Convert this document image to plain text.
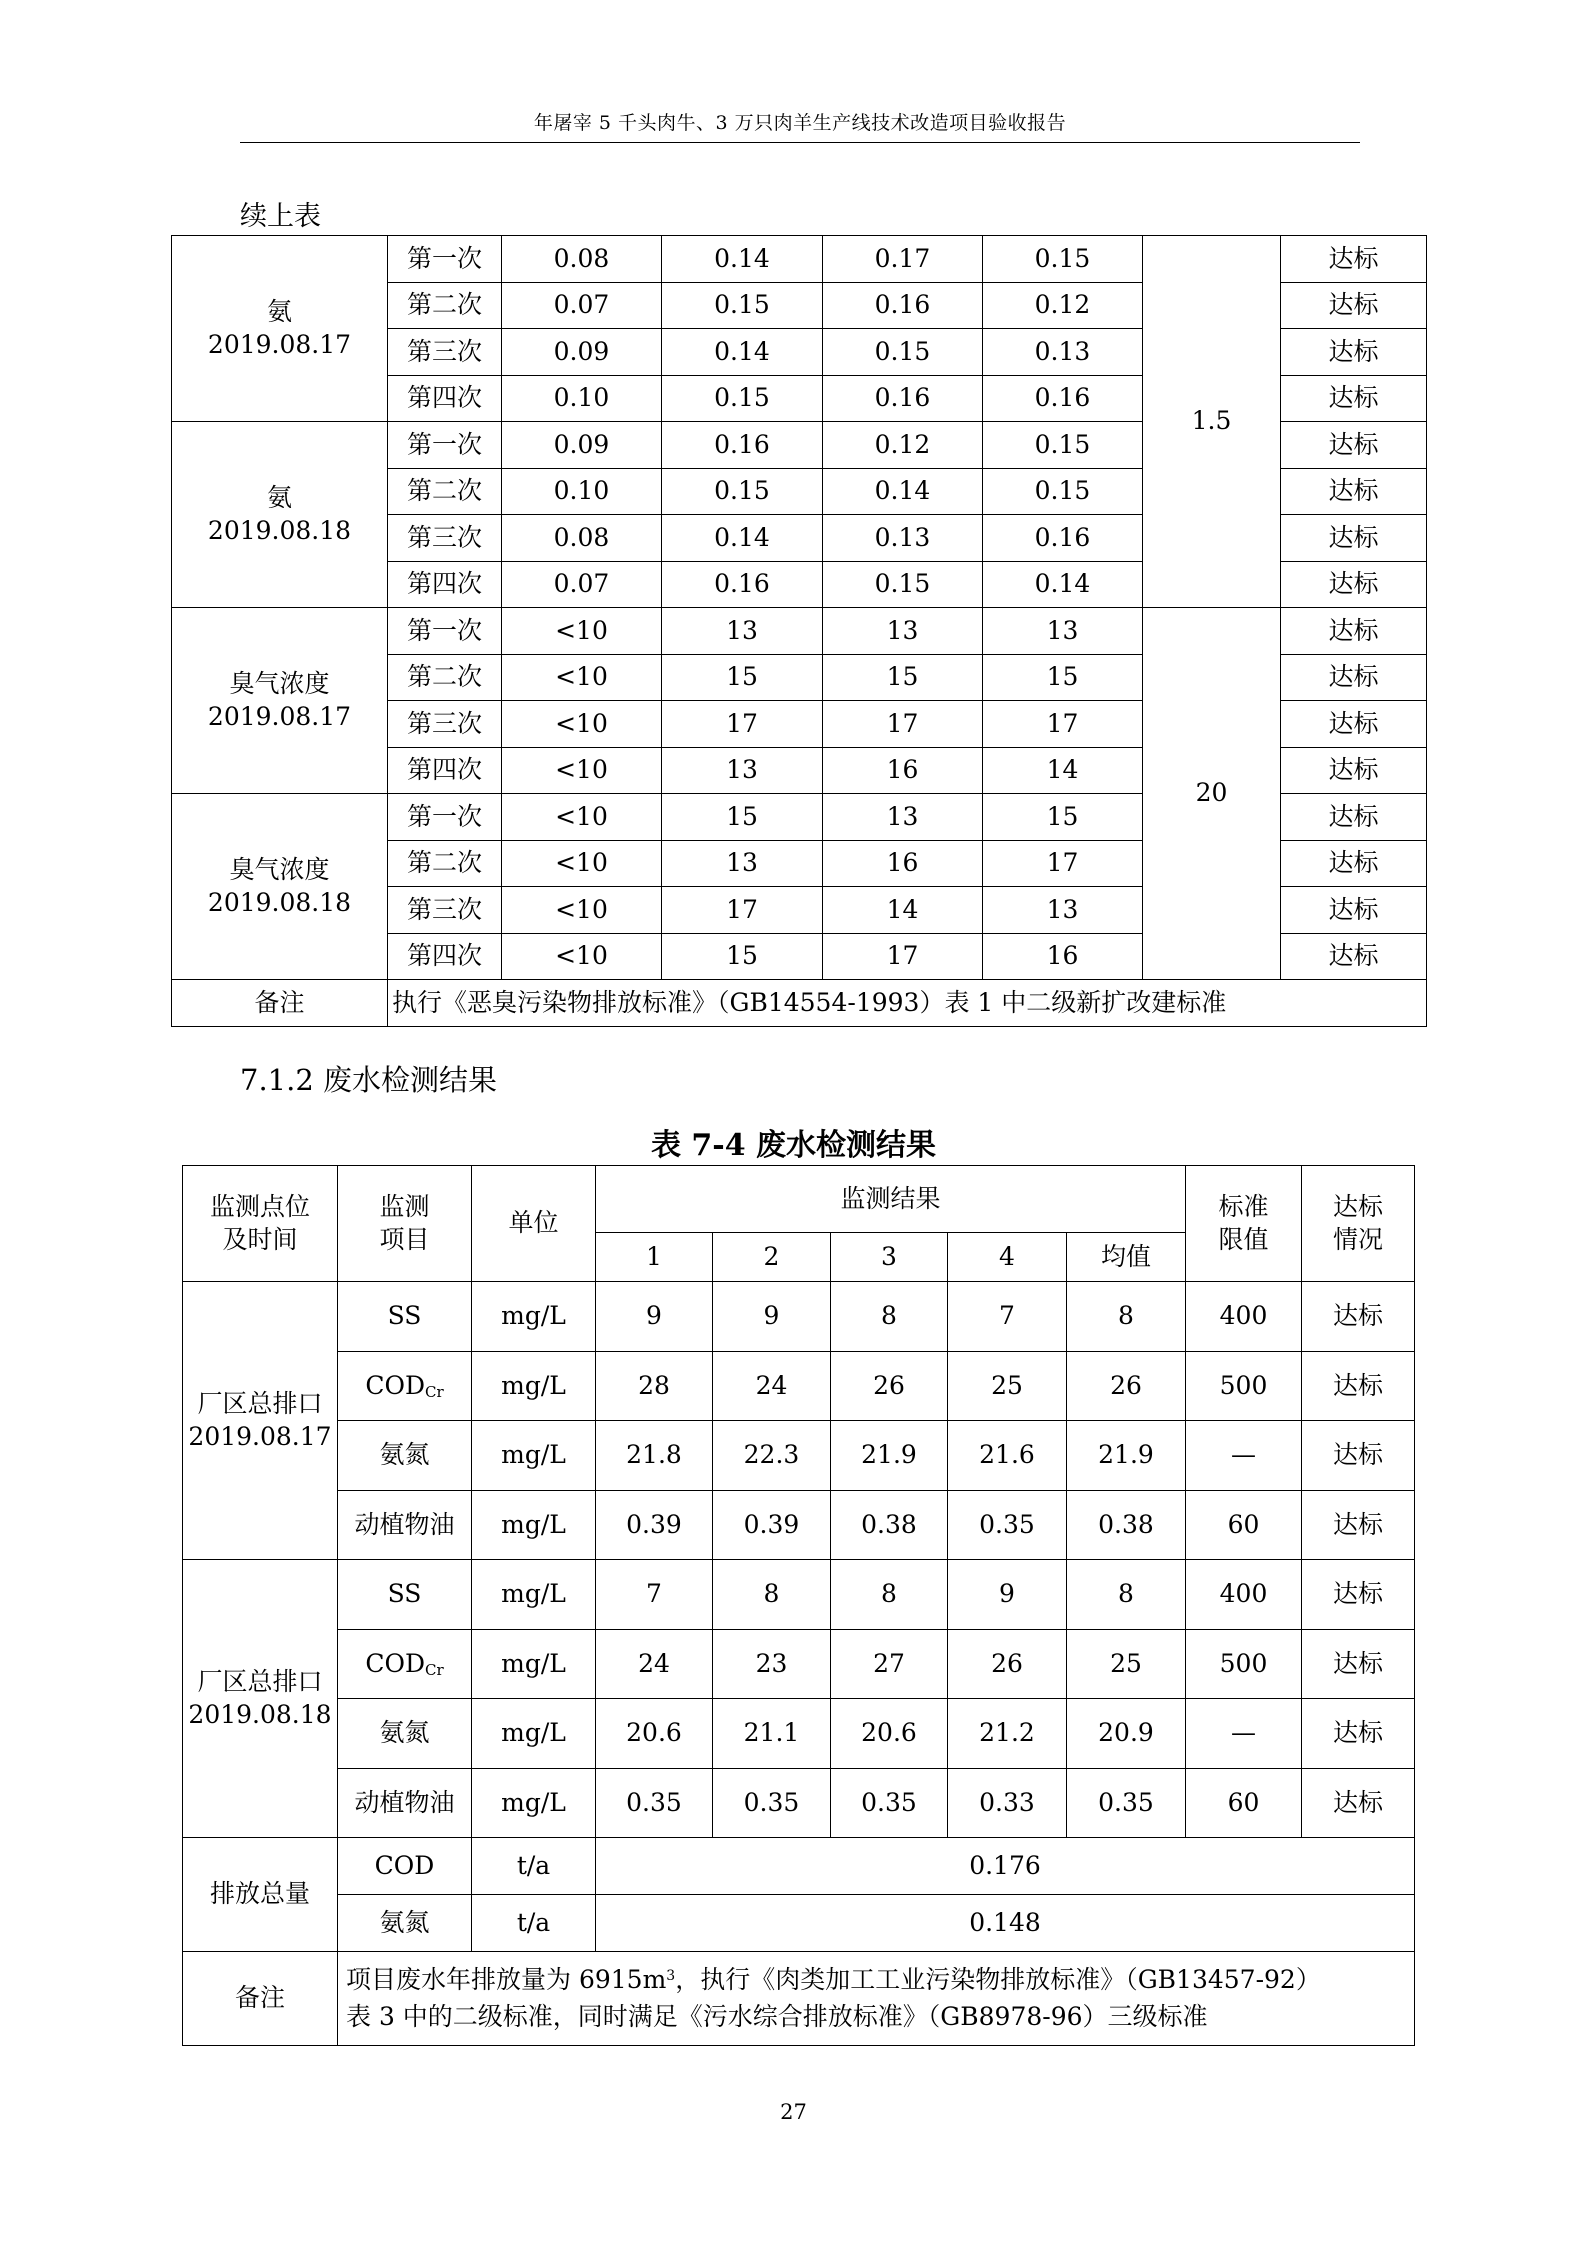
年屠宰 5 千头肉牛、3 万只肉羊生产线技术改造项目验收报告
续上表
氨
2019.08.17	第一次	0.08	0.14	0.17	0.15	1.5	达标
	第二次	0.07	0.15	0.16	0.12		达标
	第三次	0.09	0.14	0.15	0.13		达标
	第四次	0.10	0.15	0.16	0.16		达标
氨
2019.08.18	第一次	0.09	0.16	0.12	0.15		达标
	第二次	0.10	0.15	0.14	0.15		达标
	第三次	0.08	0.14	0.13	0.16		达标
	第四次	0.07	0.16	0.15	0.14		达标
臭气浓度
2019.08.17	第一次	<10	13	13	13	20	达标
	第二次	<10	15	15	15		达标
	第三次	<10	17	17	17		达标
	第四次	<10	13	16	14		达标
臭气浓度
2019.08.18	第一次	<10	15	13	15		达标
	第二次	<10	13	16	17		达标
	第三次	<10	17	14	13		达标
	第四次	<10	15	17	16		达标
备注	执行《恶臭污染物排放标准》（GB14554-1993）表 1 中二级新扩改建标准						
7.1.2 废水检测结果
表 7-4 废水检测结果
监测点位及时间	监测项目	单位	监测结果					标准限值	达标情况
			1	2	3	4	均值		
厂区总排口
2019.08.17	SS	mg/L	9	9	8	7	8	400	达标
	$COD_{Cr}$	mg/L	28	24	26	25	26	500	达标
	氨氮	mg/L	21.8	22.3	21.9	21.6	21.9	—	达标
	动植物油	mg/L	0.39	0.39	0.38	0.35	0.38	60	达标
厂区总排口
2019.08.18	SS	mg/L	7	8	8	9	8	400	达标
	$COD_{Cr}$	mg/L	24	23	27	26	25	500	达标
	氨氮	mg/L	20.6	21.1	20.6	21.2	20.9	—	达标
	动植物油	mg/L	0.35	0.35	0.35	0.33	0.35	60	达标
排放总量	COD	t/a	0.176						
	氨氮	t/a	0.148						
备注	项目废水年排放量为 $6915m^3$，执行《肉类加工工业污染物排放标准》（GB13457-92）
表 3 中的二级标准，同时满足《污水综合排放标准》（GB8978-96）三级标准								
27
